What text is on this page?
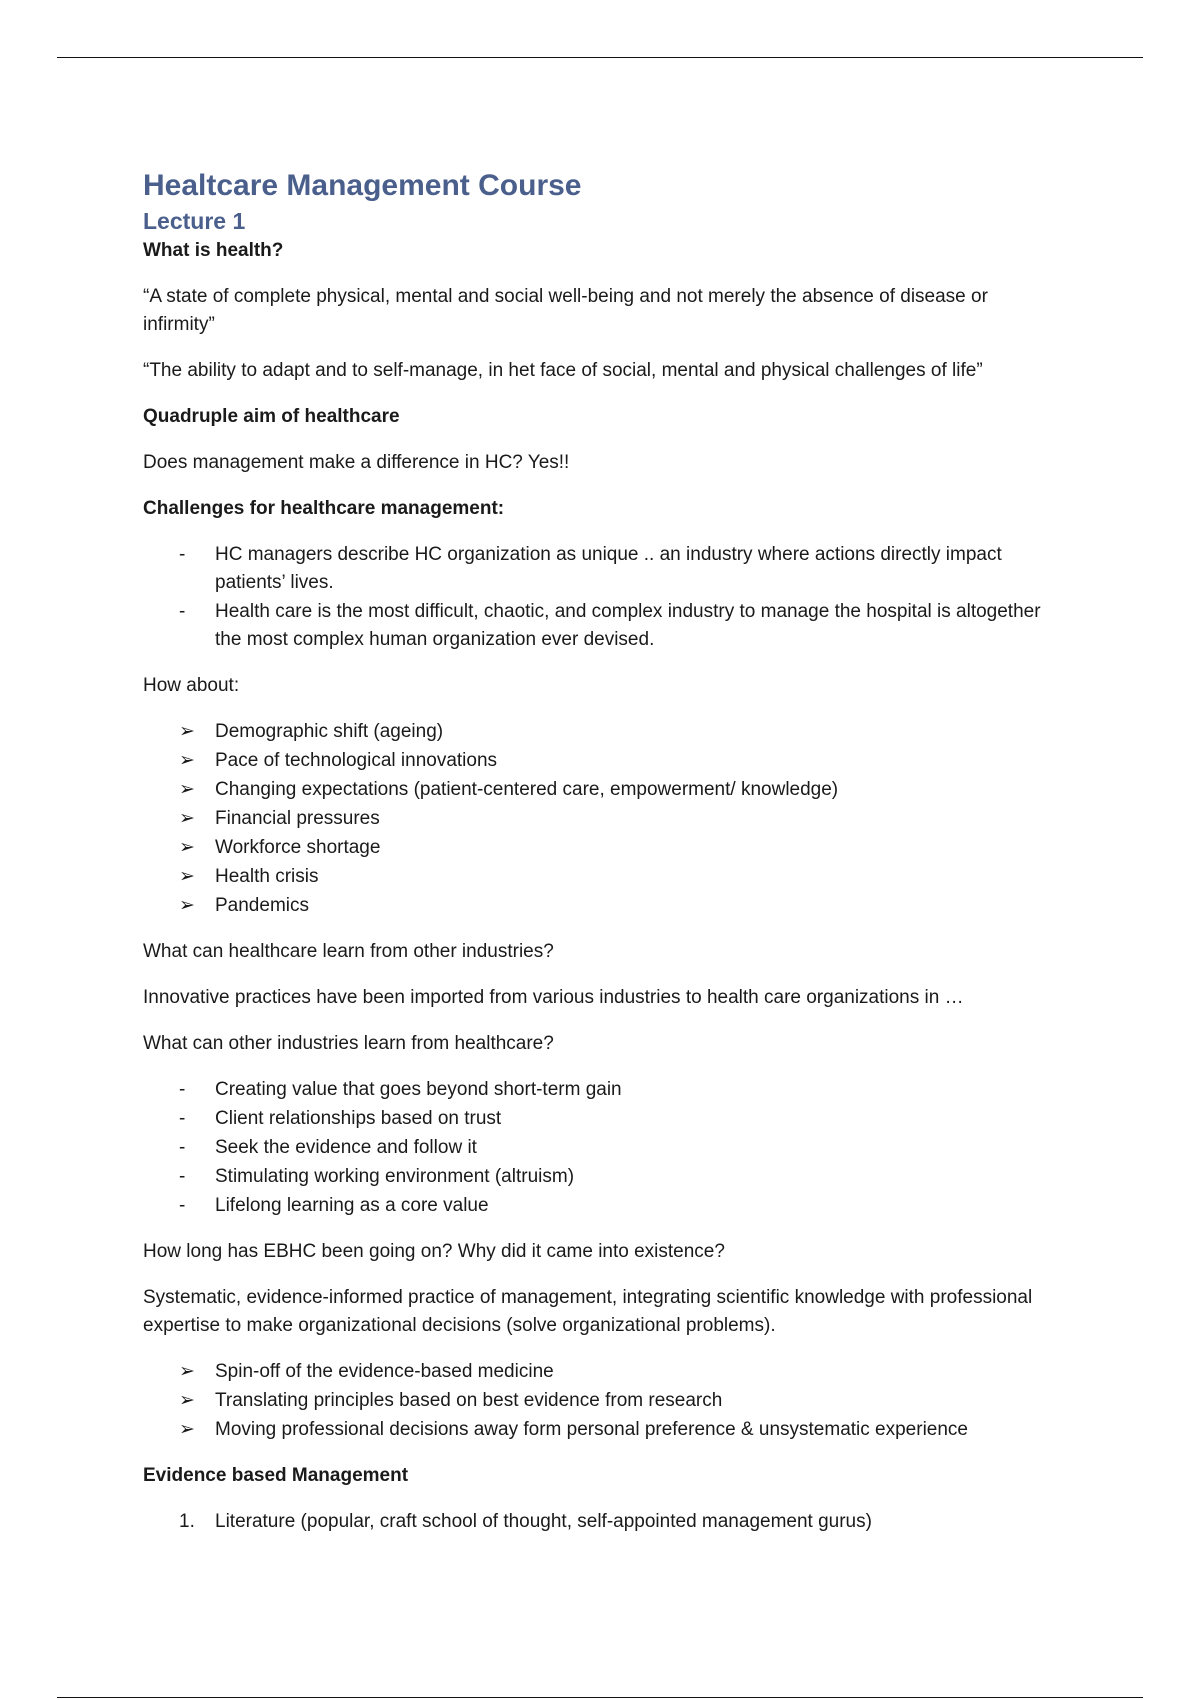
Healtcare Management Course
Lecture 1

What is health?

“A state of complete physical, mental and social well-being and not merely the absence of disease or infirmity”

“The ability to adapt and to self-manage, in het face of social, mental and physical challenges of life”

Quadruple aim of healthcare

Does management make a difference in HC? Yes!!

Challenges for healthcare management:

-	HC managers describe HC organization as unique .. an industry where actions directly impact patients’ lives.
-	Health care is the most difficult, chaotic, and complex industry to manage the hospital is altogether the most complex human organization ever devised.

How about:

➢ Demographic shift (ageing)
➢ Pace of technological innovations
➢ Changing expectations (patient-centered care, empowerment/ knowledge)
➢ Financial pressures
➢ Workforce shortage
➢ Health crisis
➢ Pandemics

What can healthcare learn from other industries?

Innovative practices have been imported from various industries to health care organizations in …

What can other industries learn from healthcare?

-	Creating value that goes beyond short-term gain
-	Client relationships based on trust
-	Seek the evidence and follow it
-	Stimulating working environment (altruism)
-	Lifelong learning as a core value

How long has EBHC been going on? Why did it came into existence?

Systematic, evidence-informed practice of management, integrating scientific knowledge with professional expertise to make organizational decisions (solve organizational problems).

➢ Spin-off of the evidence-based medicine
➢ Translating principles based on best evidence from research
➢ Moving professional decisions away form personal preference & unsystematic experience

Evidence based Management

1. Literature (popular, craft school of thought, self-appointed management gurus)
